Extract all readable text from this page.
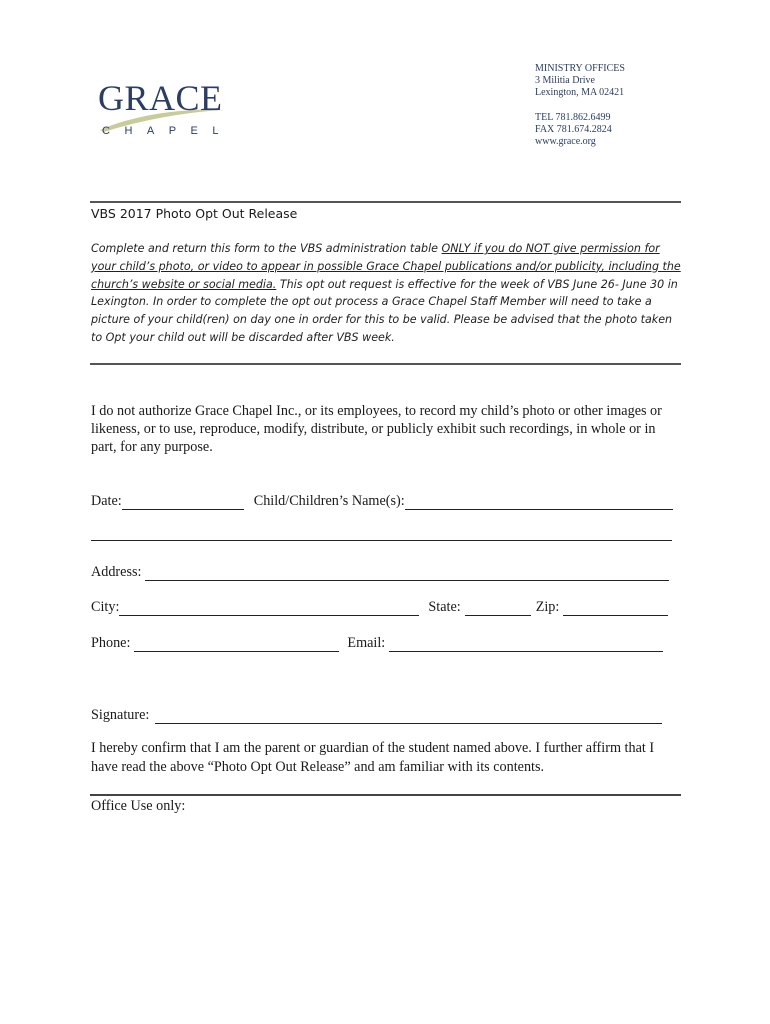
GRACE
CHAPEL
MINISTRY OFFICES
3 Militia Drive
Lexington, MA 02421
TEL 781.862.6499
FAX 781.674.2824
www.grace.org
VBS 2017 Photo Opt Out Release
Complete and return this form to the VBS administration table ONLY if you do NOT give permission for your child’s photo, or video to appear in possible Grace Chapel publications and/or publicity, including the church’s website or social media. This opt out request is effective for the week of VBS June 26- June 30 in Lexington. In order to complete the opt out process a Grace Chapel Staff Member will need to take a picture of your child(ren) on day one in order for this to be valid. Please be advised that the photo taken to Opt your child out will be discarded after VBS week.
I do not authorize Grace Chapel Inc., or its employees, to record my child’s photo or other images or likeness, or to use, reproduce, modify, distribute, or publicly exhibit such recordings, in whole or in part, for any purpose.
Date:	Child/Children’s Name(s):
Address:
City:	State:	Zip:
Phone:	Email:
Signature:
I hereby confirm that I am the parent or guardian of the student named above. I further affirm that I have read the above “Photo Opt Out Release” and am familiar with its contents.
Office Use only:
